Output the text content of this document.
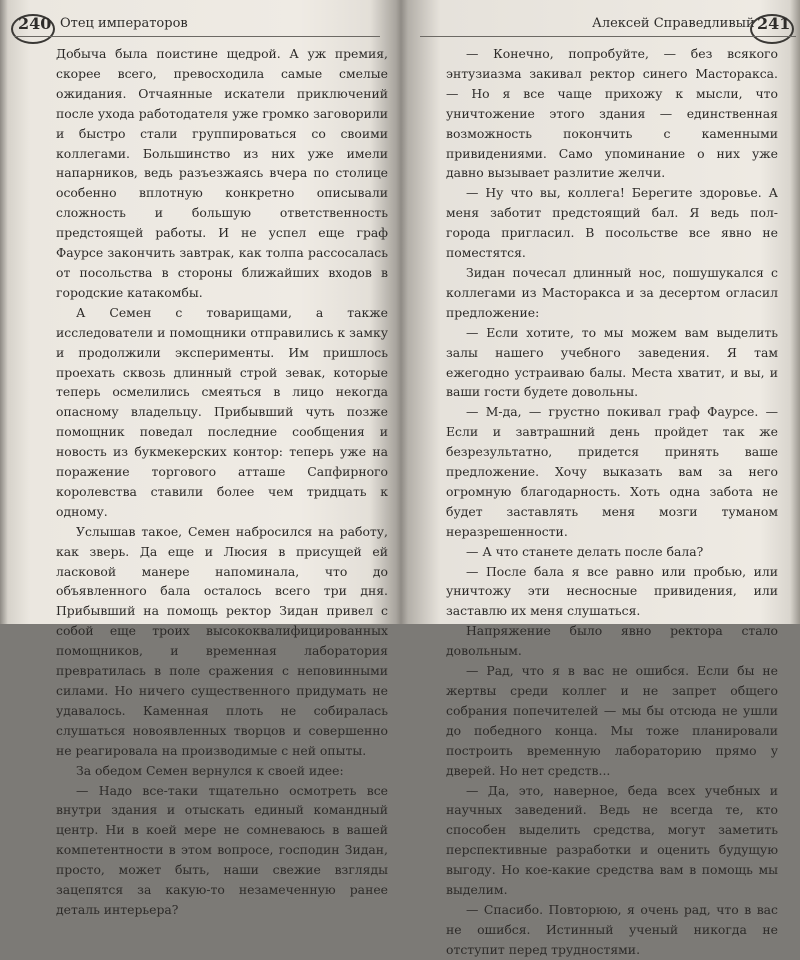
240 Отец императоров

Добыча была поистине щедрой. А уж премия, скорее всего, превосходила самые смелые ожидания. Отчаянные искатели приключений после ухода работодателя уже громко заговорили и быстро стали группироваться со своими коллегами. Большинство из них уже имели напарников, ведь разъезжаясь вчера по столице особенно вплотную конкретно описывали сложность и большую ответственность предстоящей работы. И не успел еще граф Фаурсе закончить завтрак, как толпа рассосалась от посольства в стороны ближайших входов в городские катакомбы.

А Семен с товарищами, а также исследователи и помощники отправились к замку и продолжили эксперименты. Им пришлось проехать сквозь длинный строй зевак, которые теперь осмелились смеяться в лицо некогда опасному владельцу. Прибывший чуть позже помощник поведал последние сообщения и новость из букмекерских контор: теперь уже на поражение торгового атташе Сапфирного королевства ставили более чем тридцать к одному.

Услышав такое, Семен набросился на работу, как зверь. Да еще и Люсия в присущей ей ласковой манере напоминала, что до объявленного бала осталось всего три дня. Прибывший на помощь ректор Зидан привел с собой еще троих высококвалифицированных помощников, и временная лаборатория превратилась в поле сражения с неповинными силами. Но ничего существенного придумать не удавалось. Каменная плоть не собиралась слушаться новоявленных творцов и совершенно не реагировала на производимые с ней опыты.

За обедом Семен вернулся к своей идее:

— Надо все-таки тщательно осмотреть все внутри здания и отыскать единый командный центр. Ни в коей мере не сомневаюсь в вашей компетентности в этом вопросе, господин Зидан, просто, может быть, наши свежие взгляды зацепятся за какую-то незамеченную ранее деталь интерьера?

Алексей Справедливый 241

— Конечно, попробуйте, — без всякого энтузиазма закивал ректор синего Масторакса. — Но я все чаще прихожу к мысли, что уничтожение этого здания — единственная возможность покончить с каменными привидениями. Само упоминание о них уже давно вызывает разлитие желчи.

— Ну что вы, коллега! Берегите здоровье. А меня заботит предстоящий бал. Я ведь пол-города пригласил. В посольстве все явно не поместятся.

Зидан почесал длинный нос, пошушукался с коллегами из Масторакса и за десертом огласил предложение:

— Если хотите, то мы можем вам выделить залы нашего учебного заведения. Я там ежегодно устраиваю балы. Места хватит, и вы, и ваши гости будете довольны.

— М-да, — грустно покивал граф Фаурсе. — Если и завтрашний день пройдет так же безрезультатно, придется принять ваше предложение. Хочу выказать вам за него огромную благодарность. Хоть одна забота не будет заставлять меня мозги туманом неразрешенности.

— А что станете делать после бала?

— После бала я все равно или пробью, или уничтожу эти несносные привидения, или заставлю их меня слушаться.

Напряжение было явно ректора стало довольным.

— Рад, что я в вас не ошибся. Если бы не жертвы среди коллег и не запрет общего собрания попечителей — мы бы отсюда не ушли до победного конца. Мы тоже планировали построить временную лабораторию прямо у дверей. Но нет средств...

— Да, это, наверное, беда всех учебных и научных заведений. Ведь не всегда те, кто способен выделить средства, могут заметить перспективные разработки и оценить будущую выгоду. Но кое-какие средства вам в помощь мы выделим.

— Спасибо. Повторюю, я очень рад, что в вас не ошибся. Истинный ученый никогда не отступит перед трудностями.
